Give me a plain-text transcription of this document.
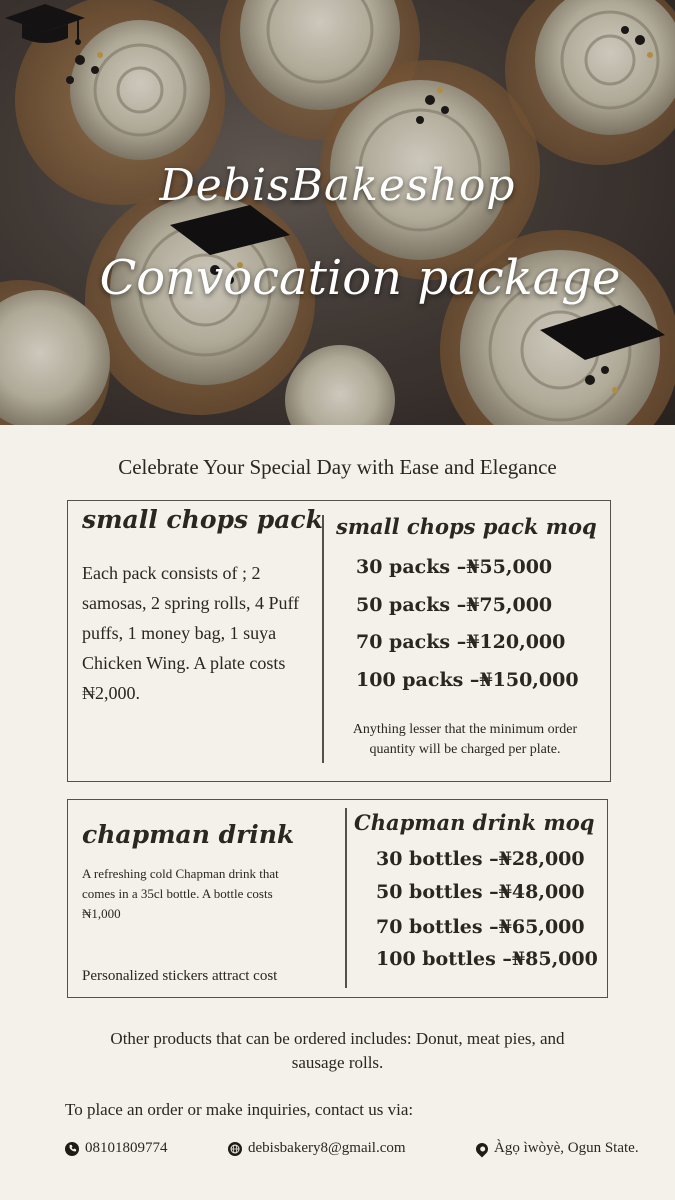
DebisBakeshop
Convocation package
Celebrate Your Special Day with Ease and Elegance
small chops pack
Each pack consists of ; 2 samosas, 2 spring rolls, 4 Puff puffs, 1 money bag, 1 suya Chicken Wing. A plate costs ₦2,000.
small chops pack moq
30 packs –₦55,000
50 packs –₦75,000
70 packs –₦120,000
100 packs –₦150,000
Anything lesser that the minimum order quantity will be charged per plate.
chapman drink
A refreshing cold Chapman drink that comes in a 35cl bottle. A bottle costs ₦1,000
Personalized stickers attract cost
Chapman drink moq
30 bottles –₦28,000
50 bottles –₦48,000
70 bottles –₦65,000
100 bottles –₦85,000
Other products that can be ordered includes: Donut, meat pies, and sausage rolls.
To place an order or make inquiries, contact us via:
08101809774	debisbakery8@gmail.com	Àgọ ìwòyè, Ogun State.
